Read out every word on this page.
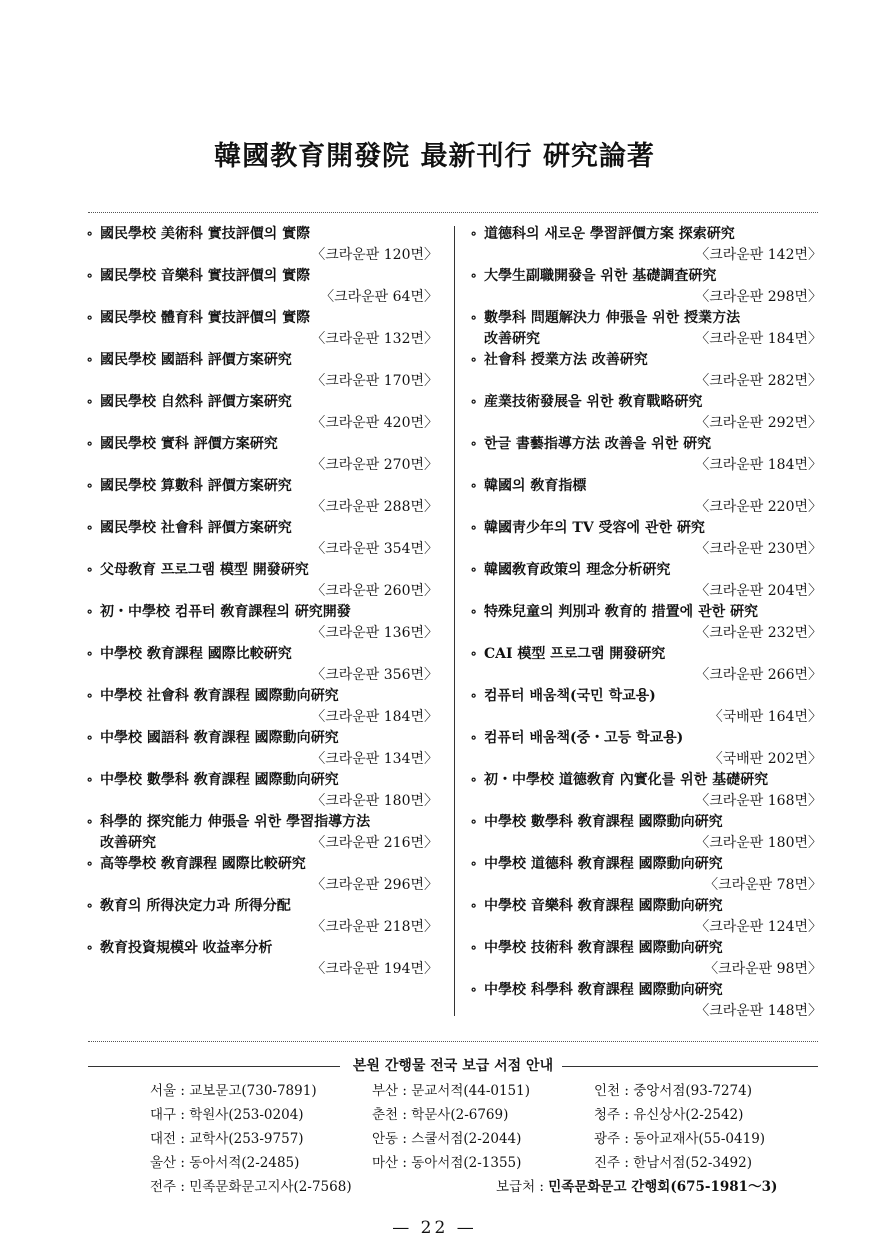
韓國教育開發院 最新刊行 硏究論著
∘ 國民學校 美術科 實技評價의 實際
〈크라운판 120면〉
∘ 國民學校 音樂科 實技評價의 實際
〈크라운판 64면〉
∘ 國民學校 體育科 實技評價의 實際
〈크라운판 132면〉
∘ 國民學校 國語科 評價方案硏究
〈크라운판 170면〉
∘ 國民學校 自然科 評價方案硏究
〈크라운판 420면〉
∘ 國民學校 實科 評價方案硏究
〈크라운판 270면〉
∘ 國民學校 算數科 評價方案硏究
〈크라운판 288면〉
∘ 國民學校 社會科 評價方案硏究
〈크라운판 354면〉
∘ 父母敎育 프로그램 模型 開發硏究
〈크라운판 260면〉
∘ 初・中學校 컴퓨터 敎育課程의 硏究開發
〈크라운판 136면〉
∘ 中學校 敎育課程 國際比較硏究
〈크라운판 356면〉
∘ 中學校 社會科 敎育課程 國際動向硏究
〈크라운판 184면〉
∘ 中學校 國語科 敎育課程 國際動向硏究
〈크라운판 134면〉
∘ 中學校 數學科 敎育課程 國際動向硏究
〈크라운판 180면〉
∘ 科學的 探究能力 伸張을 위한 學習指導方法
改善硏究	〈크라운판 216면〉
∘ 高等學校 敎育課程 國際比較硏究
〈크라운판 296면〉
∘ 敎育의 所得決定力과 所得分配
〈크라운판 218면〉
∘ 敎育投資規模와 收益率分析
〈크라운판 194면〉
∘ 道德科의 새로운 學習評價方案 探索硏究
〈크라운판 142면〉
∘ 大學生副職開發을 위한 基礎調査硏究
〈크라운판 298면〉
∘ 數學科 問題解決力 伸張을 위한 授業方法
改善硏究	〈크라운판 184면〉
∘ 社會科 授業方法 改善硏究
〈크라운판 282면〉
∘ 産業技術發展을 위한 敎育戰略硏究
〈크라운판 292면〉
∘ 한글 書藝指導方法 改善을 위한 硏究
〈크라운판 184면〉
∘ 韓國의 敎育指標
〈크라운판 220면〉
∘ 韓國靑少年의 TV 受容에 관한 硏究
〈크라운판 230면〉
∘ 韓國敎育政策의 理念分析硏究
〈크라운판 204면〉
∘ 特殊兒童의 判別과 敎育的 措置에 관한 硏究
〈크라운판 232면〉
∘ CAI 模型 프로그램 開發硏究
〈크라운판 266면〉
∘ 컴퓨터 배움책(국민 학교용)
〈국배판 164면〉
∘ 컴퓨터 배움책(중・고등 학교용)
〈국배판 202면〉
∘ 初・中學校 道德敎育 內實化를 위한 基礎硏究
〈크라운판 168면〉
∘ 中學校 數學科 敎育課程 國際動向硏究
〈크라운판 180면〉
∘ 中學校 道德科 敎育課程 國際動向硏究
〈크라운판 78면〉
∘ 中學校 音樂科 敎育課程 國際動向硏究
〈크라운판 124면〉
∘ 中學校 技術科 敎育課程 國際動向硏究
〈크라운판 98면〉
∘ 中學校 科學科 敎育課程 國際動向硏究
〈크라운판 148면〉
본원 간행물 전국 보급 서점 안내
전주 : 민족문화문고지사(2-7568)	보급처 : 민족문화문고 간행회(675-1981〜3)
서울 : 교보문고(730-7891)	부산 : 문교서적(44-0151)	인천 : 중앙서점(93-7274)
대구 : 학원사(253-0204)	춘천 : 학문사(2-6769)	청주 : 유신상사(2-2542)
대전 : 교학사(253-9757)	안동 : 스쿨서점(2-2044)	광주 : 동아교재사(55-0419)
울산 : 동아서적(2-2485)	마산 : 동아서점(2-1355)	진주 : 한남서점(52-3492)
— 22 —
